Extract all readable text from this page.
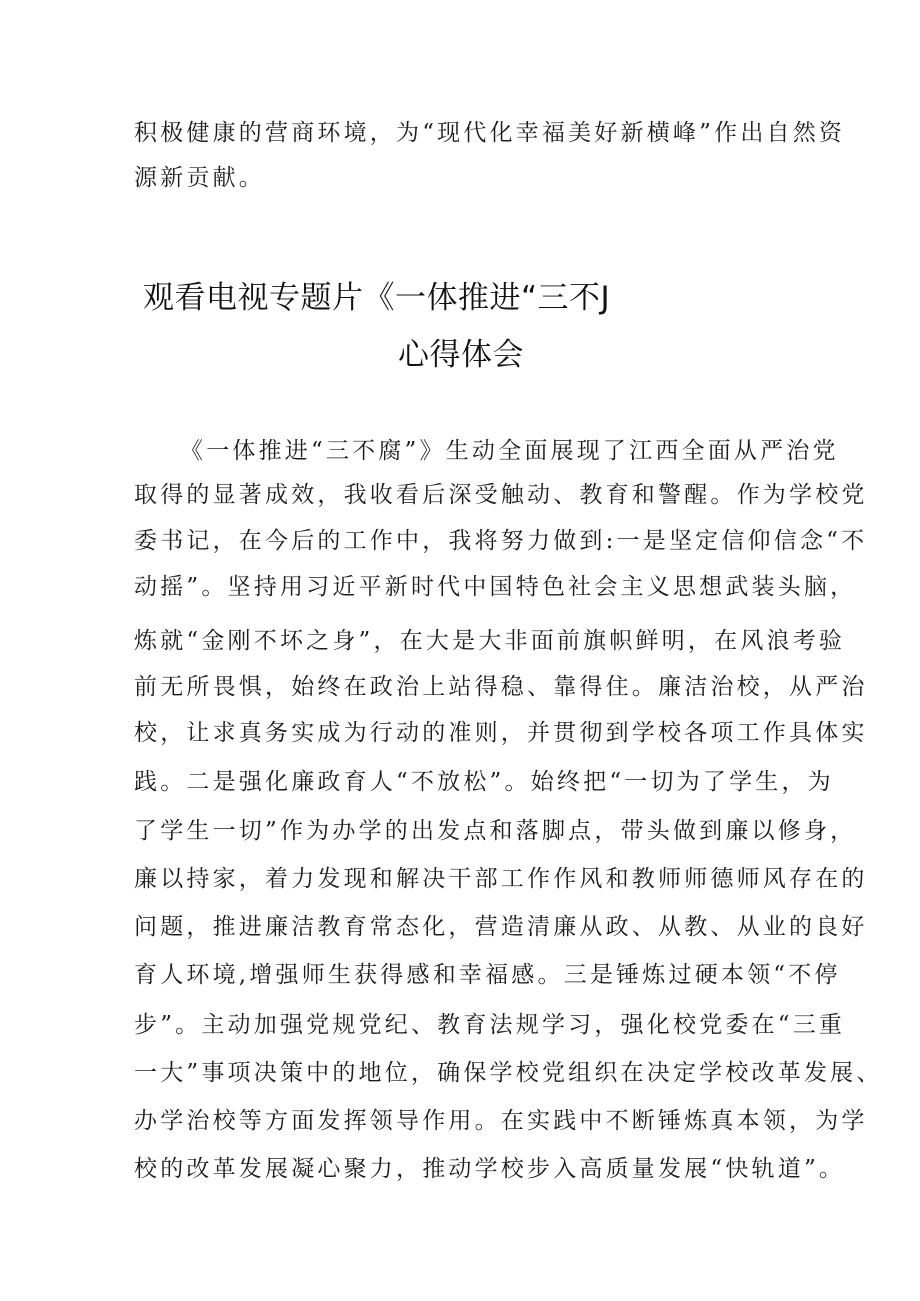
积极健康的营商环境，为“现代化幸福美好新横峰”作出自然资
源新贡献。
观看电视专题片《一体推进“三不J
心得体会
《一体推进“三不腐”》生动全面展现了江西全面从严治党
取得的显著成效，我收看后深受触动、教育和警醒。作为学校党
委书记，在今后的工作中，我将努力做到:一是坚定信仰信念“不
动摇”。坚持用习近平新时代中国特色社会主义思想武装头脑，
炼就“金刚不坏之身”，在大是大非面前旗帜鲜明，在风浪考验
前无所畏惧，始终在政治上站得稳、靠得住。廉洁治校，从严治
校，让求真务实成为行动的准则，并贯彻到学校各项工作具体实
践。二是强化廉政育人“不放松”。始终把“一切为了学生，为
了学生一切”作为办学的出发点和落脚点，带头做到廉以修身，
廉以持家，着力发现和解决干部工作作风和教师师德师风存在的
问题，推进廉洁教育常态化，营造清廉从政、从教、从业的良好
育人环境,增强师生获得感和幸福感。三是锤炼过硬本领“不停
步”。主动加强党规党纪、教育法规学习，强化校党委在“三重
一大”事项决策中的地位，确保学校党组织在决定学校改革发展、
办学治校等方面发挥领导作用。在实践中不断锤炼真本领，为学
校的改革发展凝心聚力，推动学校步入高质量发展“快轨道”。
